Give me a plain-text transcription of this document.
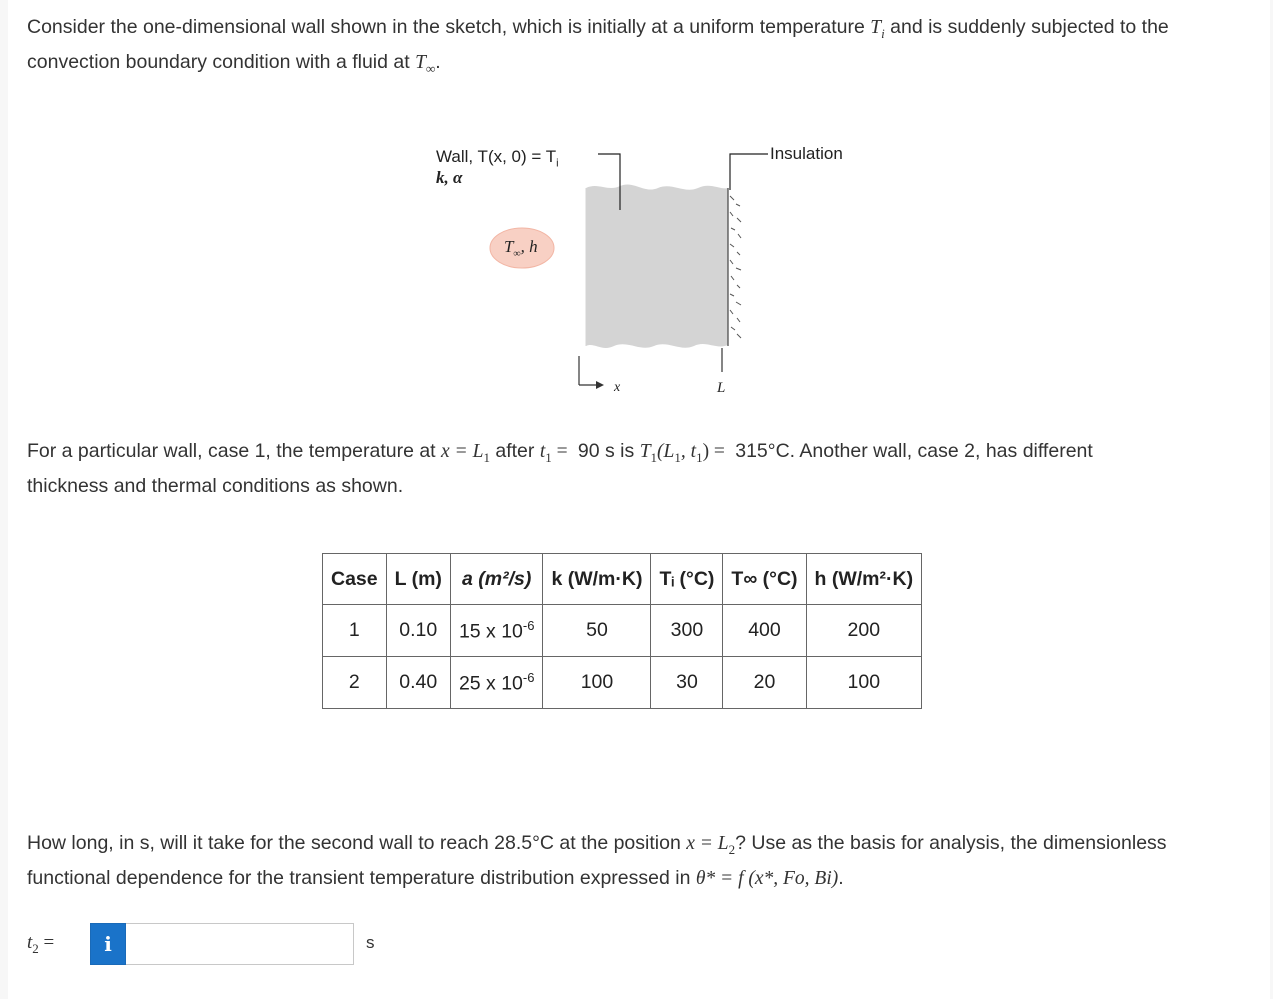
Consider the one-dimensional wall shown in the sketch, which is initially at a uniform temperature $T_i$ and is suddenly subjected to the
convection boundary condition with a fluid at $T_\infty$.
Wall, T(x, $0) = T_i$
k, α
$T_\infty$, h
Insulation
x	L
For a particular wall, case 1, the temperature at $x = L_1$ after $t_1 = 90$ s is $T_1(L_1$, $t_1) = 315^\circ C$. Another wall, case 2, has different
thickness and thermal conditions as shown.
Case	L (m)	a (m²/s)	k (W/m·K)	Tᵢ (°C)	T∞ (°C)	h (W/m²·K)
1	0.10	15 x $10^{-6}$	50	300	400	200
2	0.40	25 x $10^{-6}$	100	30	20	100
How long, in s, will it take for the second wall to reach 28.5°C at the position $x = L_2$? Use as the basis for analysis, the dimensionless
functional dependence for the transient temperature distribution expressed in θ* = f (x*, Fo, Bi).
$t_2$ =	i	s
